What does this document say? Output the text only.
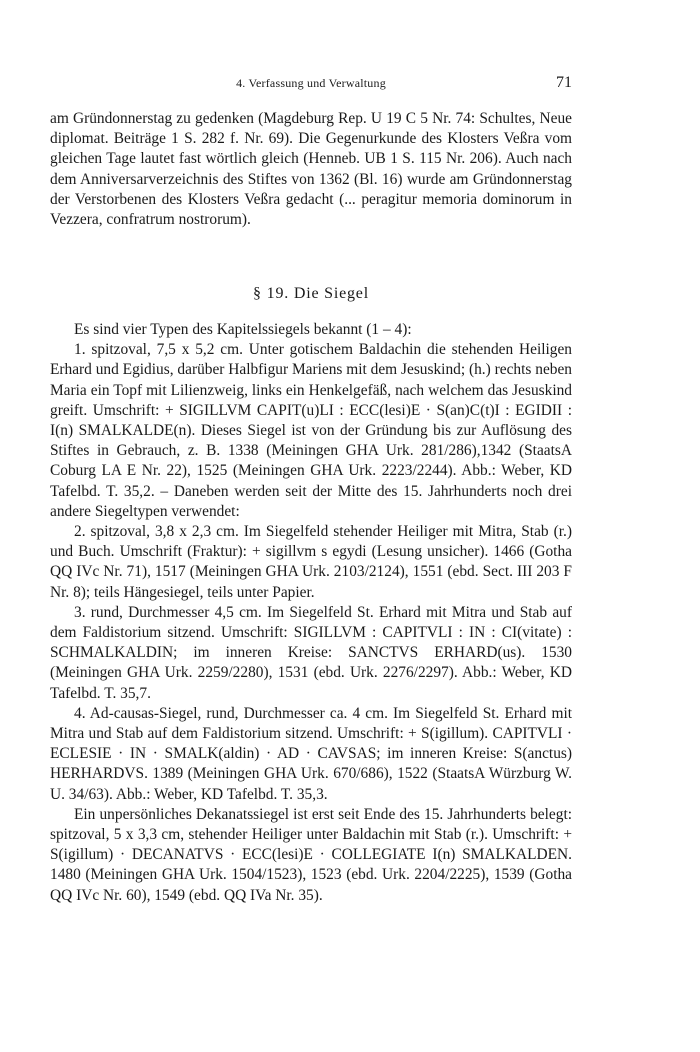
4. Verfassung und Verwaltung	71

am Gründonnerstag zu gedenken (Magdeburg Rep. U 19 C 5 Nr. 74: Schultes, Neue diplomat. Beiträge 1 S. 282 f. Nr. 69). Die Gegenurkunde des Klosters Veßra vom gleichen Tage lautet fast wörtlich gleich (Henneb. UB 1 S. 115 Nr. 206). Auch nach dem Anniversarverzeichnis des Stiftes von 1362 (Bl. 16) wurde am Gründonnerstag der Verstorbenen des Klosters Veßra gedacht (... peragitur memoria dominorum in Vezzera, confratrum nostrorum).

§ 19. Die Siegel

Es sind vier Typen des Kapitelssiegels bekannt (1 – 4):

1. spitzoval, 7,5 x 5,2 cm. Unter gotischem Baldachin die stehenden Heiligen Erhard und Egidius, darüber Halbfigur Mariens mit dem Jesuskind; (h.) rechts neben Maria ein Topf mit Lilienzweig, links ein Henkelgefäß, nach welchem das Jesuskind greift. Umschrift: + SIGILLVM CAPIT(u)LI : ECC(lesi)E · S(an)C(t)I : EGIDII : I(n) SMALKALDE(n). Dieses Siegel ist von der Gründung bis zur Auflösung des Stiftes in Gebrauch, z. B. 1338 (Meiningen GHA Urk. 281/286),1342 (StaatsA Coburg LA E Nr. 22), 1525 (Meiningen GHA Urk. 2223/2244). Abb.: Weber, KD Tafelbd. T. 35,2. – Daneben werden seit der Mitte des 15. Jahrhunderts noch drei andere Siegeltypen verwendet:

2. spitzoval, 3,8 x 2,3 cm. Im Siegelfeld stehender Heiliger mit Mitra, Stab (r.) und Buch. Umschrift (Fraktur): + sigillvm s egydi (Lesung unsicher). 1466 (Gotha QQ IVc Nr. 71), 1517 (Meiningen GHA Urk. 2103/2124), 1551 (ebd. Sect. III 203 F Nr. 8); teils Hängesiegel, teils unter Papier.

3. rund, Durchmesser 4,5 cm. Im Siegelfeld St. Erhard mit Mitra und Stab auf dem Faldistorium sitzend. Umschrift: SIGILLVM : CAPITVLI : IN : CI(vitate) : SCHMALKALDIN; im inneren Kreise: SANCTVS ERHARD(us). 1530 (Meiningen GHA Urk. 2259/2280), 1531 (ebd. Urk. 2276/2297). Abb.: Weber, KD Tafelbd. T. 35,7.

4. Ad-causas-Siegel, rund, Durchmesser ca. 4 cm. Im Siegelfeld St. Erhard mit Mitra und Stab auf dem Faldistorium sitzend. Umschrift: + S(igillum). CAPITVLI · ECLESIE · IN · SMALK(aldin) · AD · CAVSAS; im inneren Kreise: S(anctus) HERHARDVS. 1389 (Meiningen GHA Urk. 670/686), 1522 (StaatsA Würzburg W. U. 34/63). Abb.: Weber, KD Tafelbd. T. 35,3.

Ein unpersönliches Dekanatssiegel ist erst seit Ende des 15. Jahrhunderts belegt: spitzoval, 5 x 3,3 cm, stehender Heiliger unter Baldachin mit Stab (r.). Umschrift: + S(igillum) · DECANATVS · ECC(lesi)E · COLLEGIATE I(n) SMALKALDEN. 1480 (Meiningen GHA Urk. 1504/1523), 1523 (ebd. Urk. 2204/2225), 1539 (Gotha QQ IVc Nr. 60), 1549 (ebd. QQ IVa Nr. 35).
